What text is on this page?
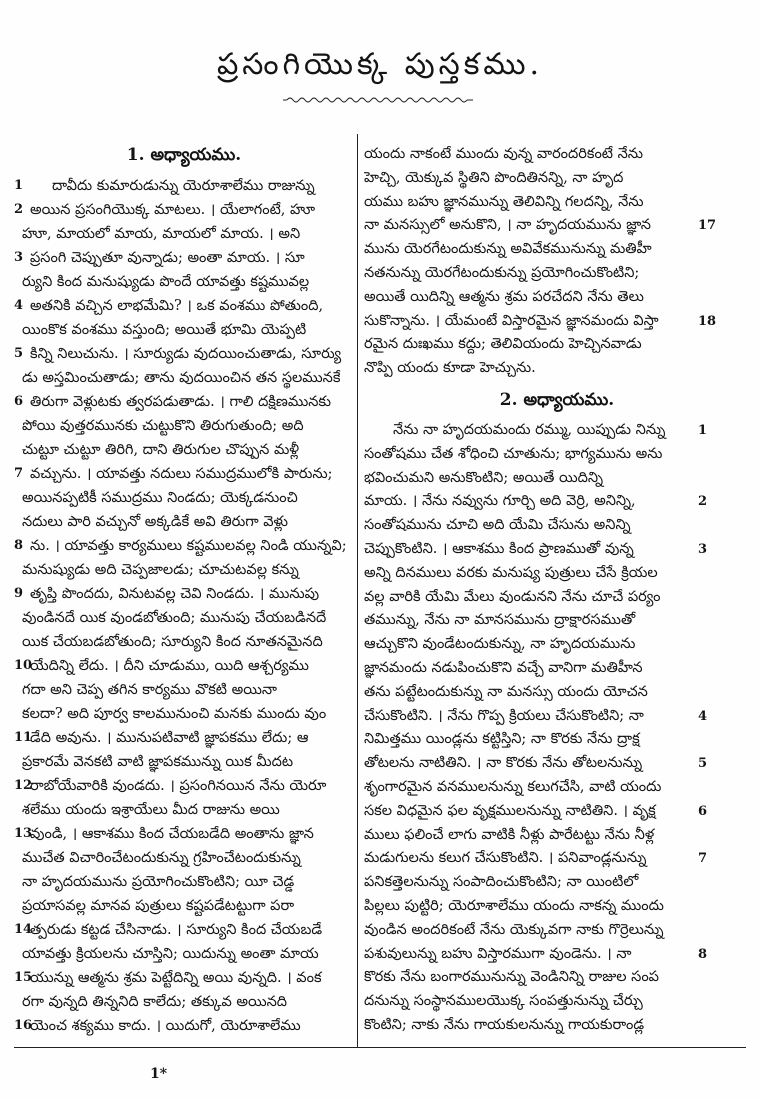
ప్రసంగియొక్క పుస్తకము.
1. అధ్యాయము.
1	దావీదు కుమారుడున్ను యెరూశాలేము రాజున్ను
2 అయిన ప్రసంగియొక్క మాటలు. । యేలాగంటే, హూ
హూ, మాయలో మాయ, మాయలో మాయ. । అని
3 ప్రసంగి చెప్పుతూ వున్నాడు; అంతా మాయ. । సూ
ర్యుని కింద మనుష్యుడు పొందే యావత్తు కష్టమువల్ల
4 అతనికి వచ్చిన లాభమేమి? । ఒక వంశము పోతుంది,
యింకొక వంశము వస్తుంది; అయితే భూమి యెప్పటి
5 కిన్ని నిలుచును. । సూర్యుడు వుదయించుతాడు, సూర్యు
డు అస్తమించుతాడు; తాను వుదయించిన తన స్థలమునకే
6 తిరుగా వెళ్లుటకు త్వరపడుతాడు. । గాలి దక్షిణమునకు
పోయి వుత్తరమునకు చుట్టుకొని తిరుగుతుంది; అది
చుట్టూ చుట్టూ తిరిగి, దాని తిరుగుల చొప్పున మళ్లీ
7 వచ్చును. । యావత్తు నదులు సముద్రములోకి పారును;
అయినప్పటికీ సముద్రము నిండదు; యెక్కడనుంచి
నదులు పారి వచ్చునో అక్కడికే అవి తిరుగా వెళ్లు
8 ను. । యావత్తు కార్యములు కష్టములవల్ల నిండి యున్నవి;
మనుష్యుడు అది చెప్పజాలడు; చూచుటవల్ల కన్ను
9 తృప్తి పొందదు, వినుటవల్ల చెవి నిండదు. । మునుపు
వుండినదే యిక వుండబోతుంది; మునుపు చేయబడినదే
యిక చేయబడబోతుంది; సూర్యుని కింద నూతనమైనది
10
యేదిన్ని లేదు. । దీని చూడుము, యిది ఆశ్చర్యము
గదా అని చెప్ప తగిన కార్యము వొకటి అయినా
కలదా? అది పూర్వ కాలమునుంచి మనకు ముందు వుం
11
డేది అవును. । మునుపటివాటి జ్ఞాపకము లేదు; ఆ
ప్రకారమే వెనకటి వాటి జ్ఞాపకమున్ను యిక మీదట
12
రాబోయేవారికి వుండదు. । ప్రసంగినయిన నేను యెరూ
శలేము యందు ఇశ్రాయేలు మీద రాజును అయి
13
వుండి, । ఆకాశము కింద చేయబడేది అంతాను జ్ఞాన
ముచేత విచారించేటందుకున్ను గ్రహించేటందుకున్ను
నా హృదయమును ప్రయోగించుకొంటిని; యీ చెడ్డ
ప్రయాసవల్ల మానవ పుత్రులు కష్టపడేటట్టుగా పరా
14
త్పరుడు కట్టడ చేసినాడు. । సూర్యుని కింద చేయబడే
యావత్తు క్రియలను చూస్తిని; యిదున్ను అంతా మాయ
15
యున్ను ఆత్మను శ్రమ పెట్టేదిన్ని అయి వున్నది. । వంక
రగా వున్నది తిన్ననిది కాలేదు; తక్కువ అయినది
16
యెంచ శక్యము కాదు. । యిదుగో, యెరూశాలేము
యందు నాకంటే ముందు వున్న వారందరికంటే నేను
హెచ్చి, యెక్కువ స్థితిని పొందితినన్ని, నా హృద
యము బహు జ్ఞానమున్ను తెలివిన్ని గలదన్ని, నేను
17
నా మనస్సులో అనుకొని, । నా హృదయమును జ్ఞాన
మును యెరగేటందుకున్ను అవివేకమునున్ను మతిహీ
నతనున్ను యెరగేటందుకున్ను ప్రయోగించుకొంటిని;
అయితే యిదిన్ని ఆత్మను శ్రమ పరచేదని నేను తెలు
18
సుకొన్నాను. । యేమంటే విస్తారమైన జ్ఞానమందు విస్తా
రమైన దుఃఖము కద్దు; తెలివియందు హెచ్చినవాడు
నొప్పి యందు కూడా హెచ్చును.
2. అధ్యాయము.
1
నేను నా హృదయమందు రమ్ము, యిప్పుడు నిన్ను
సంతోషము చేత శోధించి చూతును; భాగ్యమును అను
భవించుమని అనుకొంటిని; అయితే యిదిన్ని
2
మాయ. । నేను నవ్వును గూర్చి అది వెర్రి, అనిన్ని,
సంతోషమును చూచి అది యేమి చేసును అనిన్ని
3
చెప్పుకొంటిని. । ఆకాశము కింద ప్రాణముతో వున్న
అన్ని దినములు వరకు మనుష్య పుత్రులు చేసే క్రియల
వల్ల వారికి యేమి మేలు వుండునని నేను చూచే పర్యం
తమున్ను, నేను నా మానసమును ద్రాక్షారసముతో
ఆచ్చుకొని వుండేటందుకున్ను, నా హృదయమును
జ్ఞానమందు నడుపించుకొని వచ్చే వానిగా మతిహీన
తను పట్టేటందుకున్ను నా మనస్సు యందు యోచన
4
చేసుకొంటిని. । నేను గొప్ప క్రియలు చేసుకొంటిని; నా
నిమిత్తము యిండ్లను కట్టిస్తిని; నా కొరకు నేను ద్రాక్ష
5
తోటలను నాటితిని. । నా కొరకు నేను తోటలనున్ను
శృంగారమైన వనములనున్ను కలుగచేసి, వాటి యందు
6
సకల విధమైన ఫల వృక్షములనున్ను నాటితిని. । వృక్ష
ములు ఫలించే లాగు వాటికి నీళ్లు పారేటట్టు నేను నీళ్ల
7
మడుగులను కలుగ చేసుకొంటిని. । పనివాండ్లనున్ను
పనికత్తెలనున్ను సంపాదించుకొంటిని; నా యింటిలో
పిల్లలు పుట్టిరి; యెరూశాలేము యందు నాకన్న ముందు
వుండిన అందరికంటే నేను యెక్కువగా నాకు గొర్రెలున్ను
8
పశువులున్ను బహు విస్తారముగా వుండెను. । నా
కొరకు నేను బంగారమునున్ను వెండినిన్ని రాజుల సంప
దనున్ను సంస్థానములయొక్క సంపత్తునున్ను చేర్చు
కొంటిని; నాకు నేను గాయకులనున్ను గాయకురాండ్ల
1*
